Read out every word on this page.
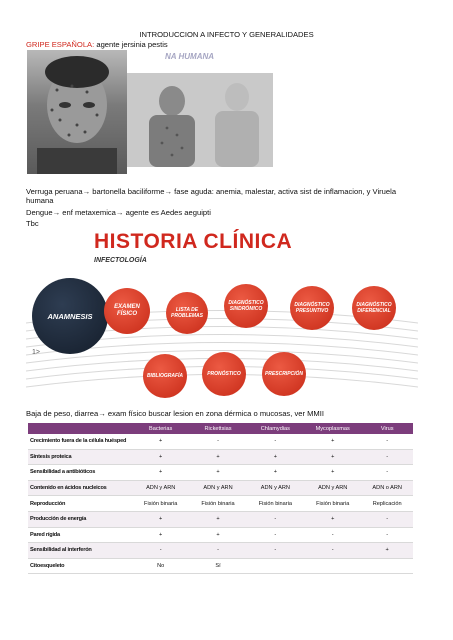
INTRODUCCION A INFECTO Y GENERALIDADES
GRIPE ESPAÑOLA: agente jersinia pestis
NA HUMANA
Verruga peruana→ bartonella baciliforme→ fase aguda: anemia, malestar, activa sist de inflamacion, y Viruela
humana
Dengue→ enf metaxemica→ agente es Aedes aeguipti
Tbc
HISTORIA CLÍNICA
INFECTOLOGÍA
ANAMNESIS
EXAMEN FÍSICO
LISTA DE PROBLEMAS
DIAGNÓSTICO SINDRÓMICO
DIAGNÓSTICO PRESUNTIVO
DIAGNÓSTICO DIFERENCIAL
BIBLIOGRAFÍA	PRONÓSTICO	PRESCRIPCIÓN
1>
Baja de peso, diarrea→ exam físico buscar lesion en zona dérmica o mucosas, ver MMII
	Bacterias	Rickettsias	Chlamydias	Mycoplasmas	Virus
Crecimiento fuera de la célula huésped	+	-	-	+	-
Síntesis proteica	+	+	+	+	-
Sensibilidad a antibióticos	+	+	+	+	-
Contenido en ácidos nucleicos	ADN y ARN	ADN y ARN	ADN y ARN	ADN y ARN	ADN o ARN
Reproducción	Fisión binaria	Fisión binaria	Fisión binaria	Fisión binaria	Replicación
Producción de energía	+	+	-	+	-
Pared rígida	+	+	-	-	-
Sensibilidad al interferón	-	-	-	-	+
Citoesqueleto	No	Sí			
